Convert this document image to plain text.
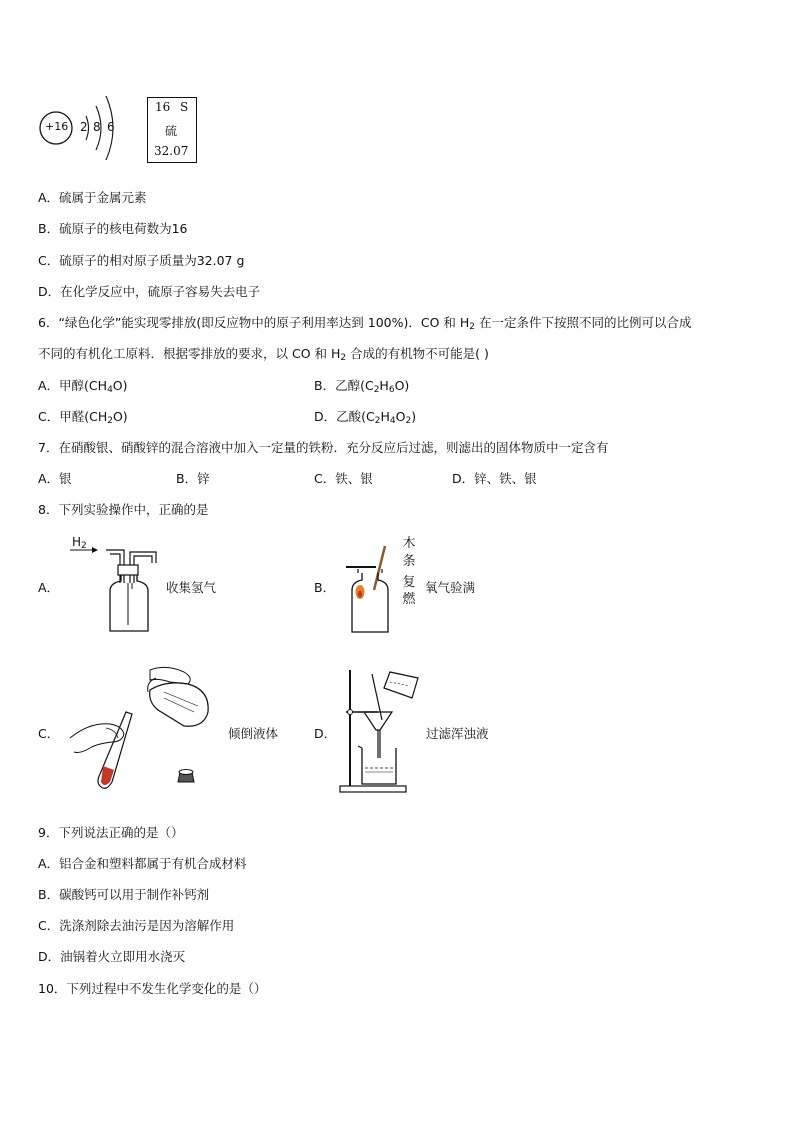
+16 2 8 6
16 S
硫
32.07
A．硫属于金属元素
B．硫原子的核电荷数为16
C．硫原子的相对原子质量为32.07 g
D．在化学反应中，硫原子容易失去电子
6．“绿色化学”能实现零排放(即反应物中的原子利用率达到 100%)．CO 和 $H_2$ 在一定条件下按照不同的比例可以合成
不同的有机化工原料．根据零排放的要求，以 CO 和 $H_2$ 合成的有机物不可能是( )
A．甲醇$(CH_4O)$	B．乙醇$(C_2H_6O)$
C．甲醛$(CH_2O)$	D．乙酸$(C_2H_4O_2)$
7．在硝酸银、硝酸锌的混合溶液中加入一定量的铁粉．充分反应后过滤，则滤出的固体物质中一定含有
A．银	B．锌	C．铁、银	D．锌、铁、银
8．下列实验操作中，正确的是
A．
$H_2$
收集氢气	B．
木
条
复
燃
氧气验满
C．	倾倒液体	D．	过滤浑浊液
9．下列说法正确的是（）
A．铝合金和塑料都属于有机合成材料
B．碳酸钙可以用于制作补钙剂
C．洗涤剂除去油污是因为溶解作用
D．油锅着火立即用水浇灭
10．下列过程中不发生化学变化的是（）
